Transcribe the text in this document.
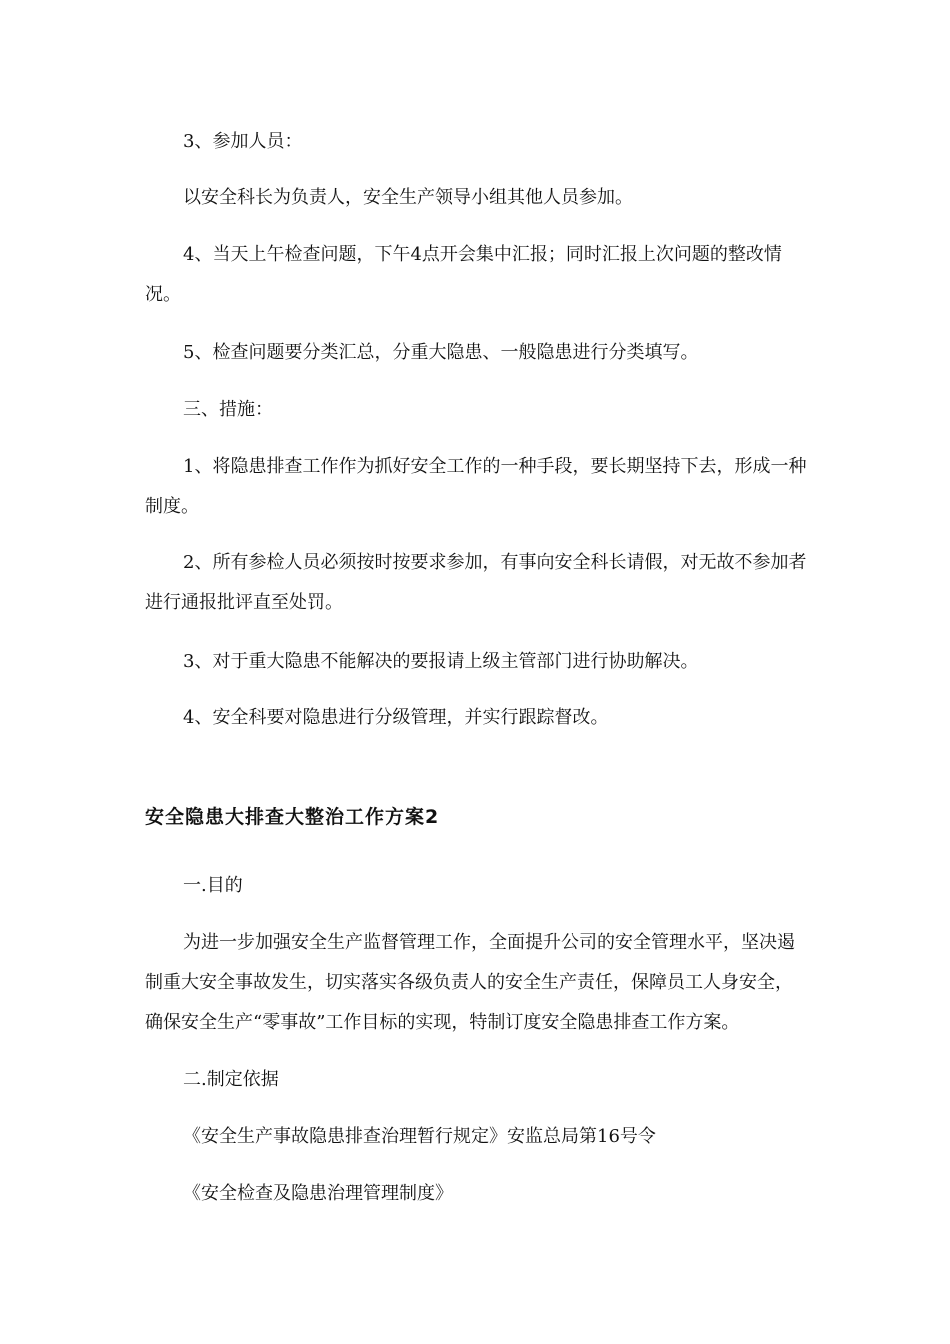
3、参加人员：

以安全科长为负责人，安全生产领导小组其他人员参加。

4、当天上午检查问题，下午4点开会集中汇报；同时汇报上次问题的整改情况。

5、检查问题要分类汇总，分重大隐患、一般隐患进行分类填写。

三、措施：

1、将隐患排查工作作为抓好安全工作的一种手段，要长期坚持下去，形成一种制度。

2、所有参检人员必须按时按要求参加，有事向安全科长请假，对无故不参加者进行通报批评直至处罚。

3、对于重大隐患不能解决的要报请上级主管部门进行协助解决。

4、安全科要对隐患进行分级管理，并实行跟踪督改。

安全隐患大排查大整治工作方案2

一.目的

为进一步加强安全生产监督管理工作，全面提升公司的安全管理水平，坚决遏制重大安全事故发生，切实落实各级负责人的安全生产责任，保障员工人身安全，确保安全生产“零事故”工作目标的实现，特制订度安全隐患排查工作方案。

二.制定依据

《安全生产事故隐患排查治理暂行规定》安监总局第16号令

《安全检查及隐患治理管理制度》
